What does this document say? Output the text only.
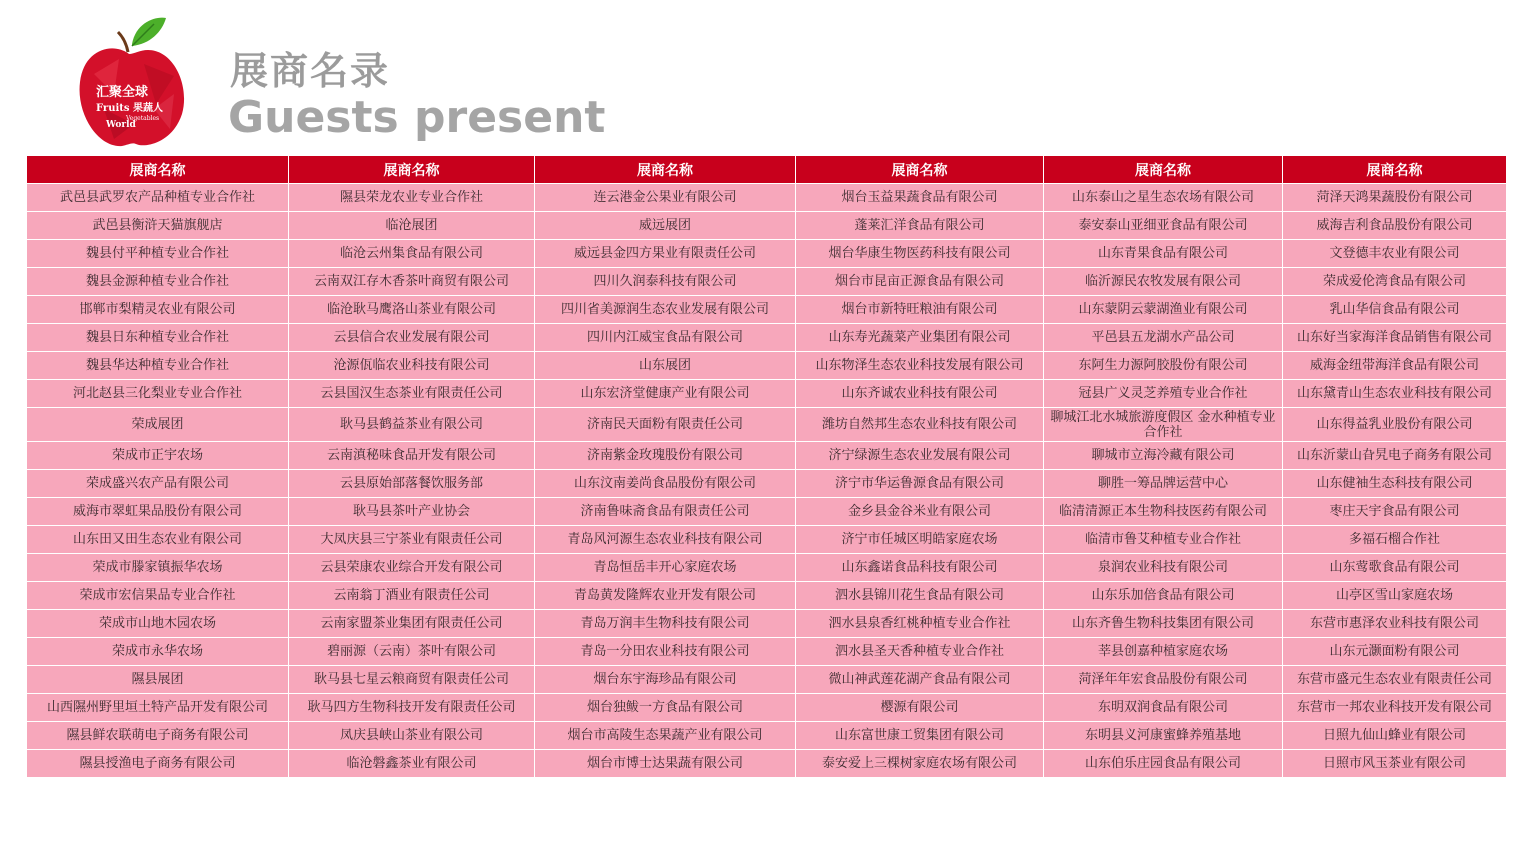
汇聚全球
Fruits 果蔬人
Vegetables
World
展商名录
Guests present
展商名称	展商名称	展商名称	展商名称	展商名称	展商名称
武邑县武罗农产品种植专业合作社	隰县荣龙农业专业合作社	连云港金公果业有限公司	烟台玉益果蔬食品有限公司	山东泰山之星生态农场有限公司	菏泽天鸿果蔬股份有限公司
武邑县衡浒天猫旗舰店	临沧展团	威远展团	蓬莱汇洋食品有限公司	泰安泰山亚细亚食品有限公司	威海吉利食品股份有限公司
魏县付平种植专业合作社	临沧云州集食品有限公司	威远县金四方果业有限责任公司	烟台华康生物医药科技有限公司	山东青果食品有限公司	文登德丰农业有限公司
魏县金源种植专业合作社	云南双江存木香茶叶商贸有限公司	四川久润泰科技有限公司	烟台市昆亩正源食品有限公司	临沂源民农牧发展有限公司	荣成爱伦湾食品有限公司
邯郸市梨精灵农业有限公司	临沧耿马鹰洛山茶业有限公司	四川省美源润生态农业发展有限公司	烟台市新特旺粮油有限公司	山东蒙阴云蒙湖渔业有限公司	乳山华信食品有限公司
魏县日东种植专业合作社	云县信合农业发展有限公司	四川内江威宝食品有限公司	山东寿光蔬菜产业集团有限公司	平邑县五龙湖水产品公司	山东好当家海洋食品销售有限公司
魏县华达种植专业合作社	沧源佤临农业科技有限公司	山东展团	山东物泽生态农业科技发展有限公司	东阿生力源阿胶股份有限公司	威海金纽带海洋食品有限公司
河北赵县三化梨业专业合作社	云县国汉生态茶业有限责任公司	山东宏济堂健康产业有限公司	山东齐诚农业科技有限公司	冠县广义灵芝养殖专业合作社	山东黛青山生态农业科技有限公司
荣成展团	耿马县鹤益茶业有限公司	济南民天面粉有限责任公司	潍坊自然邦生态农业科技有限公司	聊城江北水城旅游度假区 金水种植专业合作社	山东得益乳业股份有限公司
荣成市正宇农场	云南滇秘味食品开发有限公司	济南紫金玫瑰股份有限公司	济宁绿源生态农业发展有限公司	聊城市立海冷藏有限公司	山东沂蒙山旮旯电子商务有限公司
荣成盛兴农产品有限公司	云县原始部落餐饮服务部	山东汶南姜尚食品股份有限公司	济宁市华运鲁源食品有限公司	聊胜一筹品牌运营中心	山东健袖生态科技有限公司
威海市翠虹果品股份有限公司	耿马县茶叶产业协会	济南鲁味斋食品有限责任公司	金乡县金谷米业有限公司	临清清源正本生物科技医药有限公司	枣庄天宇食品有限公司
山东田又田生态农业有限公司	大凤庆县三宁茶业有限责任公司	青岛风河源生态农业科技有限公司	济宁市任城区明皓家庭农场	临清市鲁艾种植专业合作社	多福石榴合作社
荣成市滕家镇振华农场	云县荣康农业综合开发有限公司	青岛恒岳丰开心家庭农场	山东鑫诺食品科技有限公司	泉润农业科技有限公司	山东莺歌食品有限公司
荣成市宏信果品专业合作社	云南翁丁酒业有限责任公司	青岛黄发隆辉农业开发有限公司	泗水县锦川花生食品有限公司	山东乐加倍食品有限公司	山亭区雪山家庭农场
荣成市山地木园农场	云南家盟茶业集团有限责任公司	青岛万润丰生物科技有限公司	泗水县泉香红桃种植专业合作社	山东齐鲁生物科技集团有限公司	东营市惠泽农业科技有限公司
荣成市永华农场	碧丽源（云南）茶叶有限公司	青岛一分田农业科技有限公司	泗水县圣天香种植专业合作社	莘县创嘉种植家庭农场	山东元灏面粉有限公司
隰县展团	耿马县七星云粮商贸有限责任公司	烟台东宇海珍品有限公司	微山神武莲花湖产食品有限公司	菏泽年年宏食品股份有限公司	东营市盛元生态农业有限责任公司
山西隰州野里垣土特产品开发有限公司	耿马四方生物科技开发有限责任公司	烟台独鲅一方食品有限公司	樱源有限公司	东明双润食品有限公司	东营市一邦农业科技开发有限公司
隰县鲜农联萌电子商务有限公司	凤庆县峡山茶业有限公司	烟台市高陵生态果蔬产业有限公司	山东富世康工贸集团有限公司	东明县义河康蜜蜂养殖基地	日照九仙山蜂业有限公司
隰县授渔电子商务有限公司	临沧磐鑫茶业有限公司	烟台市博士达果蔬有限公司	泰安爱上三棵树家庭农场有限公司	山东伯乐庄园食品有限公司	日照市风玉茶业有限公司
